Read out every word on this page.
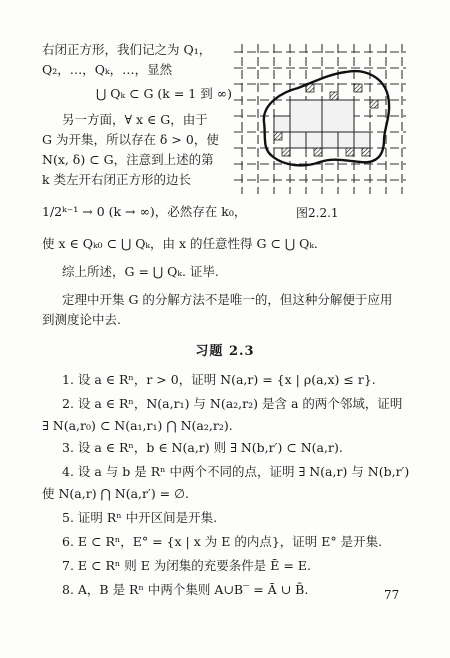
右闭正方形，我们记之为 Q₁，
Q₂，…，Qₖ，…，显然
⋃ Qₖ ⊂ G (k = 1 到 ∞)
另一方面，∀ x ∈ G，由于
G 为开集，所以存在 δ > 0，使
N(x, δ) ⊂ G，注意到上述的第
k 类左开右闭正方形的边长
1/2ᵏ⁻¹ → 0 (k → ∞)，必然存在 k₀，
使 x ∈ Qₖ₀ ⊂ ⋃ Qₖ，由 x 的任意性得 G ⊂ ⋃ Qₖ.
综上所述，G = ⋃ Qₖ. 证毕.
定理中开集 G 的分解方法不是唯一的，但这种分解便于应用
到测度论中去.
图2.2.1
习题 2.3
1. 设 a ∈ Rⁿ，r > 0，证明 N(a,r) = {x | ρ(a,x) ≤ r}.
2. 设 a ∈ Rⁿ，N(a,r₁) 与 N(a₂,r₂) 是含 a 的两个邻域，证明
∃ N(a,r₀) ⊂ N(a₁,r₁) ⋂ N(a₂,r₂).
3. 设 a ∈ Rⁿ，b ∈ N(a,r) 则 ∃ N(b,r′) ⊂ N(a,r).
4. 设 a 与 b 是 Rⁿ 中两个不同的点，证明 ∃ N(a,r) 与 N(b,r′)
使 N(a,r) ⋂ N(a,r′) = ∅.
5. 证明 Rⁿ 中开区间是开集.
6. E ⊂ Rⁿ，E° = {x | x 为 E 的内点}，证明 E° 是开集.
7. E ⊂ Rⁿ 则 E 为闭集的充要条件是 Ē = E.
8. A，B 是 Rⁿ 中两个集则 A∪B‾ = Ā ∪ B̄.	77
